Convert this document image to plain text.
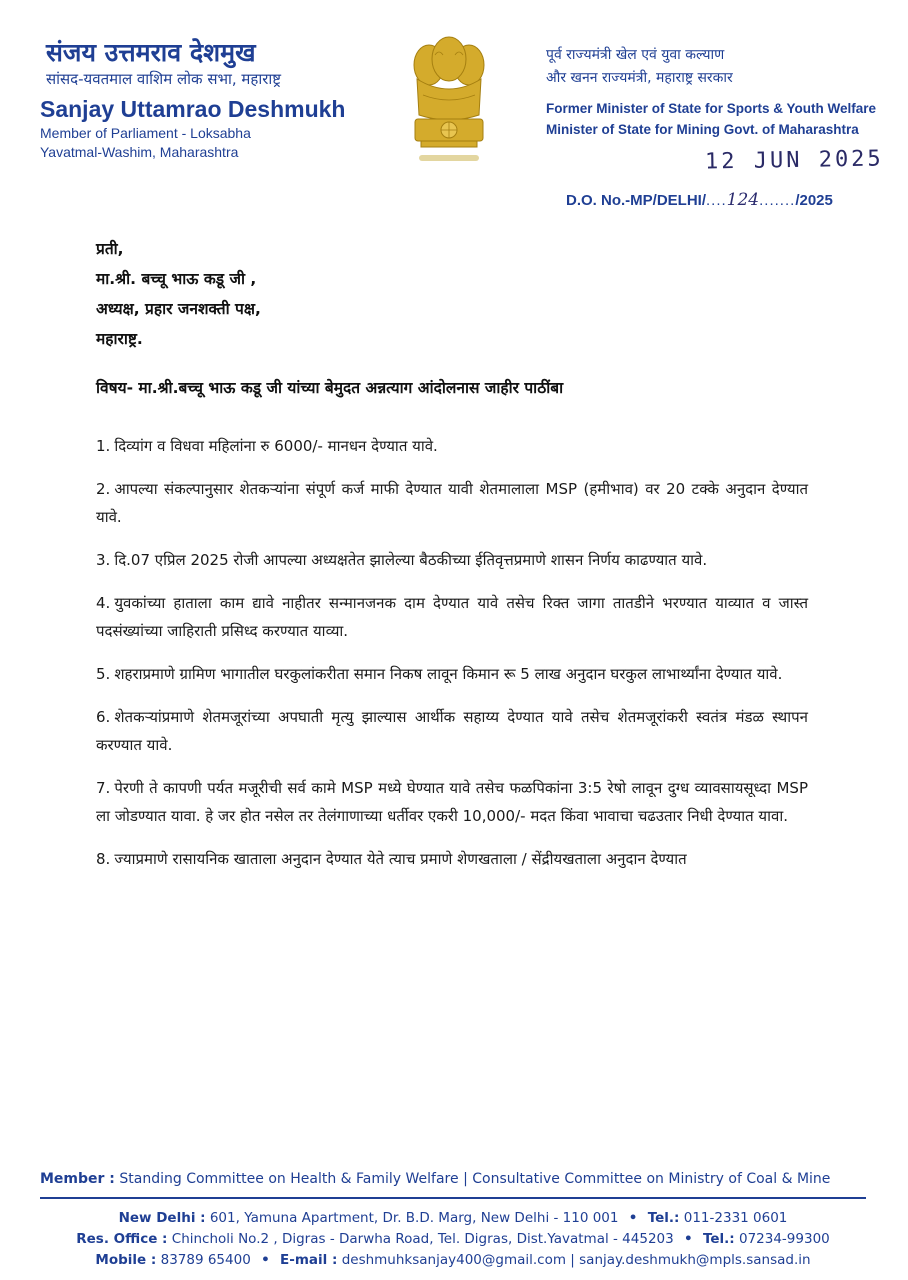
संजय उत्तमराव देशमुख
सांसद-यवतमाल वाशिम लोक सभा, महाराष्ट्र
Sanjay Uttamrao Deshmukh
Member of Parliament - Loksabha
Yavatmal-Washim, Maharashtra
पूर्व राज्यमंत्री खेल एवं युवा कल्याण
और खनन राज्यमंत्री, महाराष्ट्र सरकार
Former Minister of State for Sports & Youth Welfare
Minister of State for Mining Govt. of Maharashtra
12 JUN 2025
D.O. No.-MP/DELHI/....124......./2025
प्रती,
मा.श्री. बच्चू भाऊ कडू जी ,
अध्यक्ष, प्रहार जनशक्ती पक्ष,
महाराष्ट्र.
विषय- मा.श्री.बच्चू भाऊ कडू जी यांच्या बेमुदत अन्नत्याग आंदोलनास जाहीर पाठींबा
1. दिव्यांग व विधवा महिलांना रु 6000/- मानधन देण्यात यावे.
2. आपल्या संकल्पानुसार शेतकऱ्यांना संपूर्ण कर्ज माफी देण्यात यावी शेतमालाला MSP (हमीभाव) वर 20 टक्के अनुदान देण्यात यावे.
3. दि.07 एप्रिल 2025 रोजी आपल्या अध्यक्षतेत झालेल्या बैठकीच्या ईतिवृत्तप्रमाणे शासन निर्णय काढण्यात यावे.
4. युवकांच्या हाताला काम द्यावे नाहीतर सन्मानजनक दाम देण्यात यावे तसेच रिक्त जागा तातडीने भरण्यात याव्यात व जास्त पदसंख्यांच्या जाहिराती प्रसिध्द करण्यात याव्या.
5. शहराप्रमाणे ग्रामिण भागातील घरकुलांकरीता समान निकष लावून किमान रू 5 लाख अनुदान घरकुल लाभार्थ्यांना देण्यात यावे.
6. शेतकऱ्यांप्रमाणे शेतमजूरांच्या अपघाती मृत्यु झाल्यास आर्थीक सहाय्य देण्यात यावे तसेच शेतमजूरांकरी स्वतंत्र मंडळ स्थापन करण्यात यावे.
7. पेरणी ते कापणी पर्यत मजूरीची सर्व कामे MSP मध्ये घेण्यात यावे तसेच फळपिकांना 3:5 रेषो लावून दुग्ध व्यावसायसूध्दा MSP ला जोडण्यात यावा. हे जर होत नसेल तर तेलंगाणाच्या धर्तीवर एकरी 10,000/- मदत किंवा भावाचा चढउतार निधी देण्यात यावा.
8. ज्याप्रमाणे रासायनिक खाताला अनुदान देण्यात येते त्याच प्रमाणे शेणखताला / सेंद्रीयखताला अनुदान देण्यात
Member : Standing Committee on Health & Family Welfare | Consultative Committee on Ministry of Coal & Mine
New Delhi : 601, Yamuna Apartment, Dr. B.D. Marg, New Delhi - 110 001 • Tel.: 011-2331 0601
Res. Office : Chincholi No.2 , Digras - Darwha Road, Tel. Digras, Dist.Yavatmal - 445203 • Tel.: 07234-99300
Mobile : 83789 65400 • E-mail : deshmuhksanjay400@gmail.com | sanjay.deshmukh@mpls.sansad.in
